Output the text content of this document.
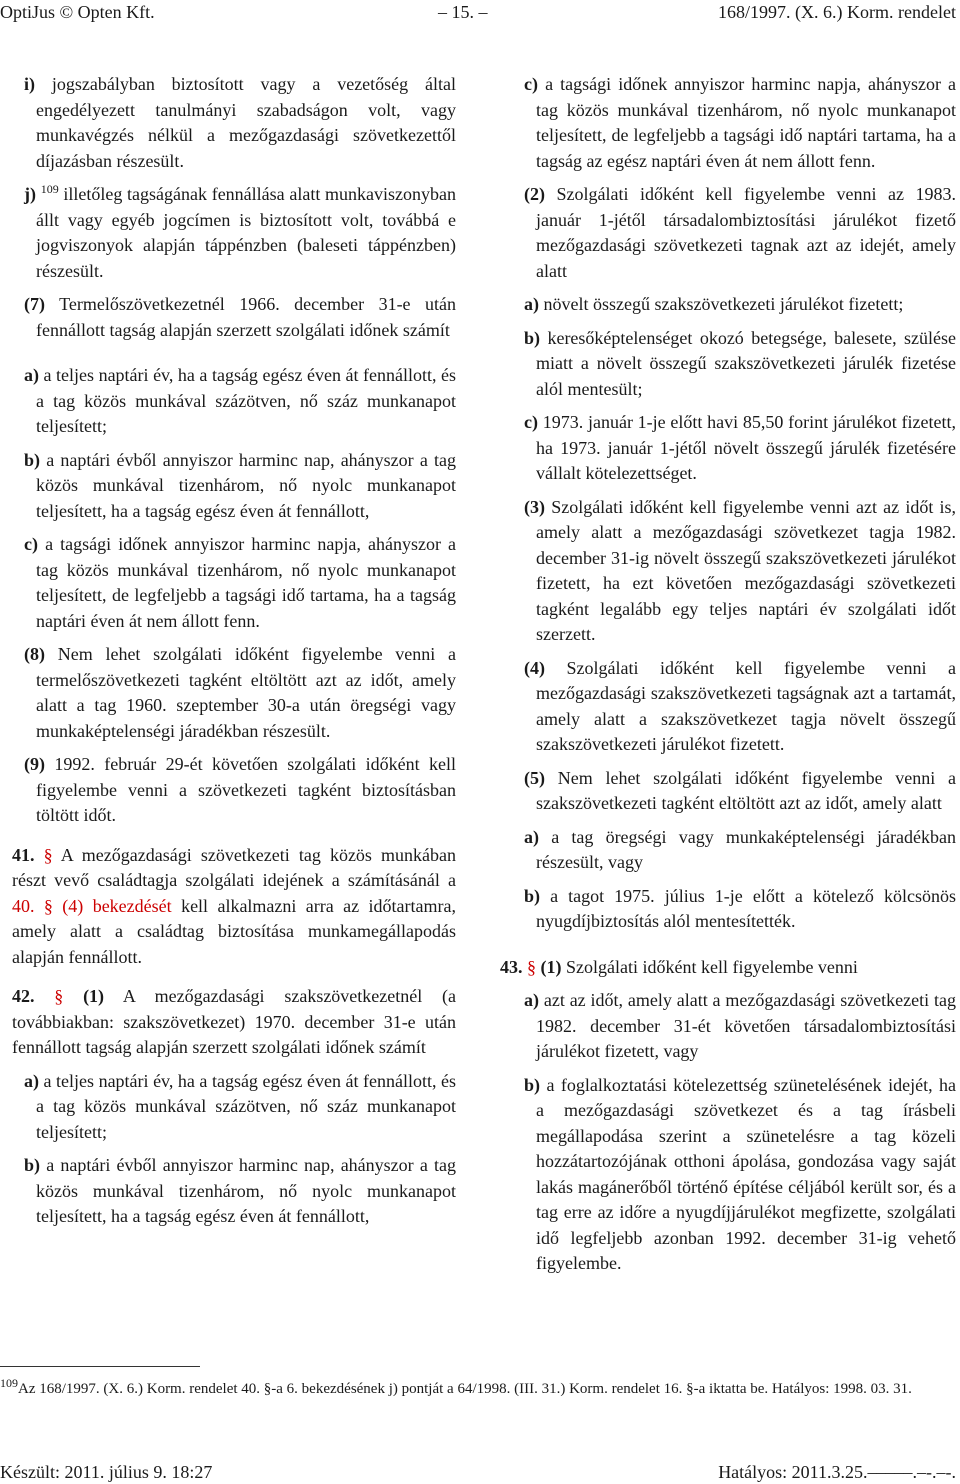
OptiJus © Opten Kft.	– 15. –	168/1997. (X. 6.) Korm. rendelet

i) jogszabályban biztosított vagy a vezetőség által engedélyezett tanulmányi szabadságon volt, vagy munkavégzés nélkül a mezőgazdasági szövetkezettől díjazásban részesült.

j) $^{109}$ illetőleg tagságának fennállása alatt munkaviszonyban állt vagy egyéb jogcímen is biztosított volt, továbbá e jogviszonyok alapján táppénzben (baleseti táppénzben) részesült.

(7) Termelőszövetkezetnél 1966. december 31-e után fennállott tagság alapján szerzett szolgálati időnek számít

a) a teljes naptári év, ha a tagság egész éven át fennállott, és a tag közös munkával százötven, nő száz munkanapot teljesített;

b) a naptári évből annyiszor harminc nap, ahányszor a tag közös munkával tizenhárom, nő nyolc munkanapot teljesített, ha a tagság egész éven át fennállott,

c) a tagsági időnek annyiszor harminc napja, ahányszor a tag közös munkával tizenhárom, nő nyolc munkanapot teljesített, de legfeljebb a tagsági idő tartama, ha a tagság naptári éven át nem állott fenn.

(8) Nem lehet szolgálati időként figyelembe venni a termelőszövetkezeti tagként eltöltött azt az időt, amely alatt a tag 1960. szeptember 30-a után öregségi vagy munkaképtelenségi járadékban részesült.

(9) 1992. február 29-ét követően szolgálati időként kell figyelembe venni a szövetkezeti tagként biztosításban töltött időt.

41. § A mezőgazdasági szövetkezeti tag közös munkában részt vevő családtagja szolgálati idejének a számításánál a 40. § (4) bekezdését kell alkalmazni arra az időtartamra, amely alatt a családtag biztosítása munkamegállapodás alapján fennállott.

42. § (1) A mezőgazdasági szakszövetkezetnél (a továbbiakban: szakszövetkezet) 1970. december 31-e után fennállott tagság alapján szerzett szolgálati időnek számít

a) a teljes naptári év, ha a tagság egész éven át fennállott, és a tag közös munkával százötven, nő száz munkanapot teljesített;

b) a naptári évből annyiszor harminc nap, ahányszor a tag közös munkával tizenhárom, nő nyolc munkanapot teljesített, ha a tagság egész éven át fennállott,

c) a tagsági időnek annyiszor harminc napja, ahányszor a tag közös munkával tizenhárom, nő nyolc munkanapot teljesített, de legfeljebb a tagsági idő naptári tartama, ha a tagság az egész naptári éven át nem állott fenn.

(2) Szolgálati időként kell figyelembe venni az 1983. január 1-jétől társadalombiztosítási járulékot fizető mezőgazdasági szövetkezeti tagnak azt az idejét, amely alatt

a) növelt összegű szakszövetkezeti járulékot fizetett;

b) keresőképtelenséget okozó betegsége, balesete, szülése miatt a növelt összegű szakszövetkezeti járulék fizetése alól mentesült;

c) 1973. január 1-je előtt havi 85,50 forint járulékot fizetett, ha 1973. január 1-jétől növelt összegű járulék fizetésére vállalt kötelezettséget.

(3) Szolgálati időként kell figyelembe venni azt az időt is, amely alatt a mezőgazdasági szövetkezet tagja 1982. december 31-ig növelt összegű szakszövetkezeti járulékot fizetett, ha ezt követően mezőgazdasági szövetkezeti tagként legalább egy teljes naptári év szolgálati időt szerzett.

(4) Szolgálati időként kell figyelembe venni a mezőgazdasági szakszövetkezeti tagságnak azt a tartamát, amely alatt a szakszövetkezet tagja növelt összegű szakszövetkezeti járulékot fizetett.

(5) Nem lehet szolgálati időként figyelembe venni a szakszövetkezeti tagként eltöltött azt az időt, amely alatt

a) a tag öregségi vagy munkaképtelenségi járadékban részesült, vagy

b) a tagot 1975. július 1-je előtt a kötelező kölcsönös nyugdíjbiztosítás alól mentesítették.

43. § (1) Szolgálati időként kell figyelembe venni

a) azt az időt, amely alatt a mezőgazdasági szövetkezeti tag 1982. december 31-ét követően társadalombiztosítási járulékot fizetett, vagy

b) a foglalkoztatási kötelezettség szünetelésének idejét, ha a mezőgazdasági szövetkezet és a tag írásbeli megállapodása szerint a szünetelésre a tag közeli hozzátartozójának otthoni ápolása, gondozása vagy saját lakás magánerőből történő építése céljából került sor, és a tag erre az időre a nyugdíjjárulékot megfizette, szolgálati idő legfeljebb azonban 1992. december 31-ig vehető figyelembe.

$^{109}$Az 168/1997. (X. 6.) Korm. rendelet 40. §-a 6. bekezdésének j) pontját a 64/1998. (III. 31.) Korm. rendelet 16. §-a iktatta be. Hatályos: 1998. 03. 31.
Készült: 2011. július 9. 18:27	Hatályos: 2011.3.25.–––––.–-.–-.
